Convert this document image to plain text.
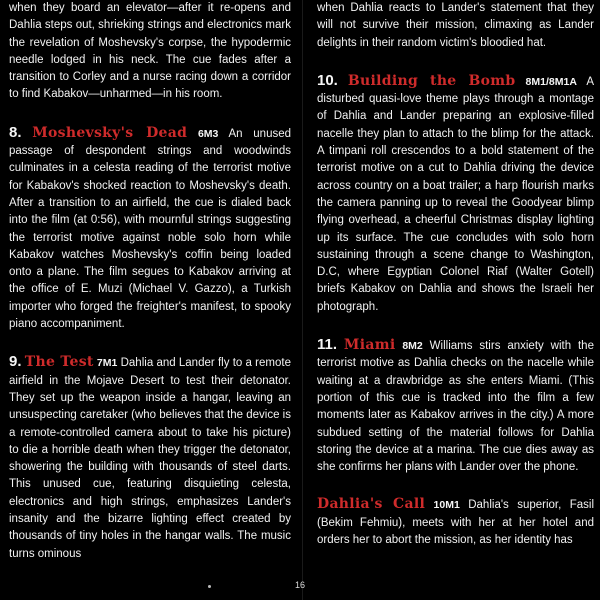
when they board an elevator—after it re-opens and Dahlia steps out, shrieking strings and electronics mark the revelation of Moshevsky's corpse, the hypodermic needle lodged in his neck. The cue fades after a transition to Corley and a nurse racing down a corridor to find Kabakov—unharmed—in his room.

8. Moshevsky's Dead 6M3 An unused passage of despondent strings and woodwinds culminates in a celesta reading of the terrorist motive for Kabakov's shocked reaction to Moshevsky's death. After a transition to an airfield, the cue is dialed back into the film (at 0:56), with mournful strings suggesting the terrorist motive against noble solo horn while Kabakov watches Moshevsky's coffin being loaded onto a plane. The film segues to Kabakov arriving at the office of E. Muzi (Michael V. Gazzo), a Turkish importer who forged the freighter's manifest, to spooky piano accompaniment.

9. The Test 7M1 Dahlia and Lander fly to a remote airfield in the Mojave Desert to test their detonator. They set up the weapon inside a hangar, leaving an unsuspecting caretaker (who believes that the device is a remote-controlled camera about to take his picture) to die a horrible death when they trigger the detonator, showering the building with thousands of steel darts. This unused cue, featuring disquieting celesta, electronics and high strings, emphasizes Lander's insanity and the bizarre lighting effect created by thousands of tiny holes in the hangar walls. The music turns ominous

when Dahlia reacts to Lander's statement that they will not survive their mission, climaxing as Lander delights in their random victim's bloodied hat.

10. Building the Bomb 8M1/8M1A A disturbed quasi-love theme plays through a montage of Dahlia and Lander preparing an explosive-filled nacelle they plan to attach to the blimp for the attack. A timpani roll crescendos to a bold statement of the terrorist motive on a cut to Dahlia driving the device across country on a boat trailer; a harp flourish marks the camera panning up to reveal the Goodyear blimp flying overhead, a cheerful Christmas display lighting up its surface. The cue concludes with solo horn sustaining through a scene change to Washington, D.C, where Egyptian Colonel Riaf (Walter Gotell) briefs Kabakov on Dahlia and shows the Israeli her photograph.

11. Miami 8M2 Williams stirs anxiety with the terrorist motive as Dahlia checks on the nacelle while waiting at a drawbridge as she enters Miami. (This portion of this cue is tracked into the film a few moments later as Kabakov arrives in the city.) A more subdued setting of the material follows for Dahlia storing the device at a marina. The cue dies away as she confirms her plans with Lander over the phone.

Dahlia's Call 10M1 Dahlia's superior, Fasil (Bekim Fehmiu), meets with her at her hotel and orders her to abort the mission, as her identity has

16
